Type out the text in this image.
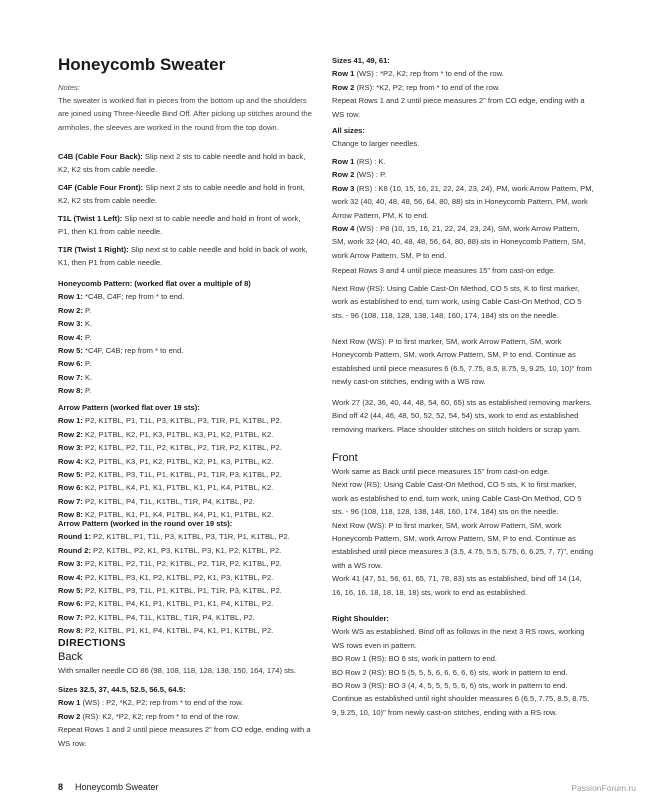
Honeycomb Sweater

Notes:

The sweater is worked flat in pieces from the bottom up and the shoulders are joined using Three-Needle Bind Off. After picking up stitches around the armholes, the sleeves are worked in the round from the top down.

C4B (Cable Four Back): Slip next 2 sts to cable needle and hold in back, K2, K2 sts from cable needle.

C4F (Cable Four Front): Slip next 2 sts to cable needle and hold in front, K2, K2 sts from cable needle.

T1L (Twist 1 Left): Slip next st to cable needle and hold in front of work, P1, then K1 from cable needle.

T1R (Twist 1 Right): Slip next st to cable needle and hold in back of work, K1, then P1 from cable needle.

Honeycomb Pattern: (worked flat over a multiple of 8)

Row 1: *C4B, C4F; rep from * to end.

Row 2: P.

Row 3: K.

Row 4: P.

Row 5: *C4F, C4B; rep from * to end.

Row 6: P.

Row 7: K.

Row 8: P.

Arrow Pattern (worked flat over 19 sts):

Row 1: P2, K1TBL, P1, T1L, P3, K1TBL, P3, T1R, P1, K1TBL, P2.

Row 2: K2, P1TBL, K2, P1, K3, P1TBL, K3, P1, K2, P1TBL, K2.

Row 3: P2, K1TBL, P2, T1L, P2, K1TBL, P2, T1R, P2, K1TBL, P2.

Row 4: K2, P1TBL, K3, P1, K2, P1TBL, K2, P1, K3, P1TBL, K2.

Row 5: P2, K1TBL, P3, T1L, P1, K1TBL, P1, T1R, P3, K1TBL, P2.

Row 6: K2, P1TBL, K4, P1, K1, P1TBL, K1, P1, K4, P1TBL, K2.

Row 7: P2, K1TBL, P4, T1L, K1TBL, T1R, P4, K1TBL, P2.

Row 8: K2, P1TBL, K1, P1, K4, P1TBL, K4, P1, K1, P1TBL, K2.

Arrow Pattern (worked in the round over 19 sts):

Round 1: P2, K1TBL, P1, T1L, P3, K1TBL, P3, T1R, P1, K1TBL, P2.

Round 2: P2, K1TBL, P2, K1, P3, K1TBL, P3, K1, P2, K1TBL, P2.

Row 3: P2, K1TBL, P2, T1L, P2, K1TBL, P2, T1R, P2, K1TBL, P2.

Row 4: P2, K1TBL, P3, K1, P2, K1TBL, P2, K1, P3, K1TBL, P2.

Row 5: P2, K1TBL, P3, T1L, P1, K1TBL, P1, T1R, P3, K1TBL, P2.

Row 6: P2, K1TBL, P4, K1, P1, K1TBL, P1, K1, P4, K1TBL, P2.

Row 7: P2, K1TBL, P4, T1L, K1TBL, T1R, P4, K1TBL, P2.

Row 8: P2, K1TBL, P1, K1, P4, K1TBL, P4, K1, P1, K1TBL, P2.

DIRECTIONS

Back

With smaller needle CO 86 (98, 108, 118, 128, 138, 150, 164, 174) sts.

Sizes 32.5, 37, 44.5, 52.5, 56.5, 64.5:

Row 1 (WS) : P2, *K2, P2; rep from * to end of the row.

Row 2 (RS): K2, *P2, K2; rep from * to end of the row.

Repeat Rows 1 and 2 until piece measures 2" from CO edge, ending with a WS row.

Sizes 41, 49, 61:

Row 1 (WS) : *P2, K2; rep from * to end of the row.

Row 2 (RS): *K2, P2; rep from * to end of the row.

Repeat Rows 1 and 2 until piece measures 2" from CO edge, ending with a WS row.

All sizes:

Change to larger needles.

Row 1 (RS) : K.

Row 2 (WS) : P.

Row 3 (RS) : K8 (10, 15, 16, 21, 22, 24, 23, 24), PM, work Arrow Pattern, PM, work 32 (40, 40, 48, 48, 56, 64, 80, 88) sts in Honeycomb Pattern, PM, work Arrow Pattern, PM, K to end.

Row 4 (WS) : P8 (10, 15, 16, 21, 22, 24, 23, 24), SM, work Arrow Pattern, SM, work 32 (40, 40, 48, 48, 56, 64, 80, 88) sts in Honeycomb Pattern, SM, work Arrow Pattern, SM, P to end.

Repeat Rows 3 and 4 until piece measures 15" from cast-on edge.

Next Row (RS): Using Cable Cast-On Method, CO 5 sts, K to first marker, work as established to end, turn work, using Cable Cast-On Method, CO 5 sts. - 96 (108, 118, 128, 138, 148, 160, 174, 184) sts on the needle.

Next Row (WS): P to first marker, SM, work Arrow Pattern, SM, work Honeycomb Pattern, SM, work Arrow Pattern, SM, P to end. Continue as established until piece measures 6 (6.5, 7.75, 8.5, 8.75, 9, 9.25, 10, 10)" from newly cast-on stitches, ending with a WS row.

Work 27 (32, 36, 40, 44, 48, 54, 60, 65) sts as established removing markers. Bind off 42 (44, 46, 48, 50, 52, 52, 54, 54) sts, work to end as established removing markers. Place shoulder stitches on stitch holders or scrap yarn.

Front

Work same as Back until piece measures 15" from cast-on edge.

Next row (RS): Using Cable Cast-On Method, CO 5 sts, K to first marker, work as established to end, turn work, using Cable Cast-On Method, CO 5 sts. - 96 (108, 118, 128, 138, 148, 160, 174, 184) sts on the needle.

Next Row (WS): P to first marker, SM, work Arrow Pattern, SM, work Honeycomb Pattern, SM, work Arrow Pattern, SM, P to end. Continue as established until piece measures 3 (3.5, 4.75, 5.5, 5.75, 6, 6.25, 7, 7)", ending with a WS row.

Work 41 (47, 51, 56, 61, 65, 71, 78, 83) sts as established, bind off 14 (14, 16, 16, 16, 18, 18, 18, 18) sts, work to end as established.

Right Shoulder:

Work WS as established. Bind off as follows in the next 3 RS rows, working WS rows even in pattern.

BO Row 1 (RS): BO 6 sts, work in pattern to end.

BO Row 2 (RS): BO 5 (5, 5, 5, 6, 6, 6, 6, 6) sts, work in pattern to end.

BO Row 3 (RS): BO 3 (4, 4, 5, 5, 5, 5, 6, 6) sts, work in pattern to end.

Continue as established until right shoulder measures 6 (6.5, 7.75, 8.5, 8.75, 9, 9.25, 10, 10)" from newly cast-on stitches, ending with a RS row.

8 Honeycomb Sweater	PassionForum.ru
